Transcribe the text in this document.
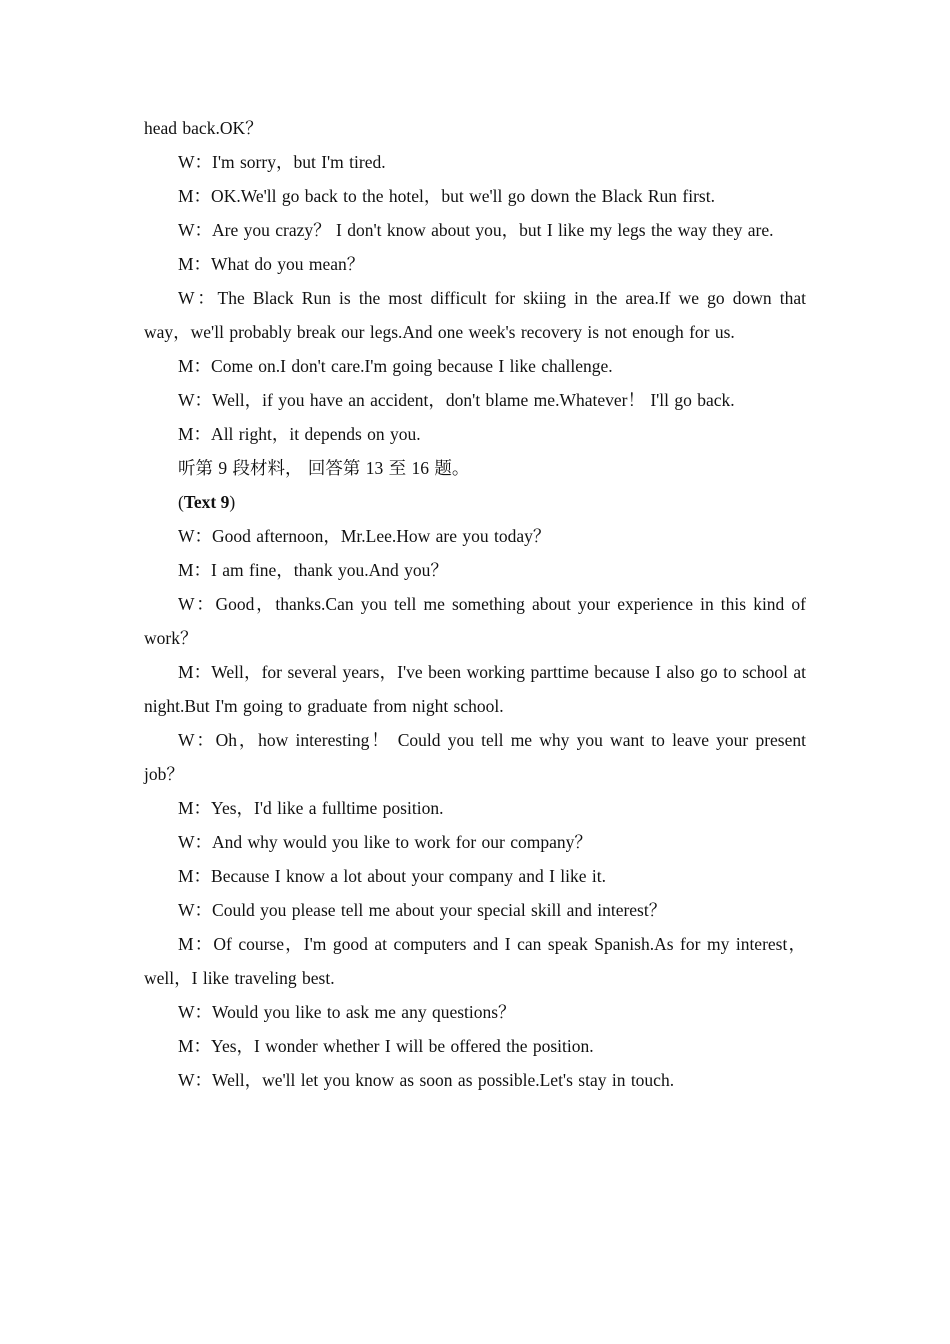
head back.OK？

W：I'm sorry，but I'm tired.

M：OK.We'll go back to the hotel，but we'll go down the Black Run first.

W：Are you crazy？ I don't know about you，but I like my legs the way they are.

M：What do you mean？

W：The Black Run is the most difficult for skiing in the area.If we go down that way，we'll probably break our legs.And one week's recovery is not enough for us.

M：Come on.I don't care.I'm going because I like challenge.

W：Well，if you have an accident，don't blame me.Whatever！ I'll go back.

M：All right，it depends on you.

听第 9 段材料， 回答第 13 至 16 题。

(Text 9)

W：Good afternoon，Mr.Lee.How are you today？

M：I am fine，thank you.And you？

W：Good，thanks.Can you tell me something about your experience in this kind of work？

M：Well，for several years，I've been working parttime because I also go to school at night.But I'm going to graduate from night school.

W：Oh，how interesting！ Could you tell me why you want to leave your present job？

M：Yes，I'd like a fulltime position.

W：And why would you like to work for our company？

M：Because I know a lot about your company and I like it.

W：Could you please tell me about your special skill and interest？

M：Of course，I'm good at computers and I can speak Spanish.As for my interest，well，I like traveling best.

W：Would you like to ask me any questions？

M：Yes，I wonder whether I will be offered the position.

W：Well，we'll let you know as soon as possible.Let's stay in touch.
